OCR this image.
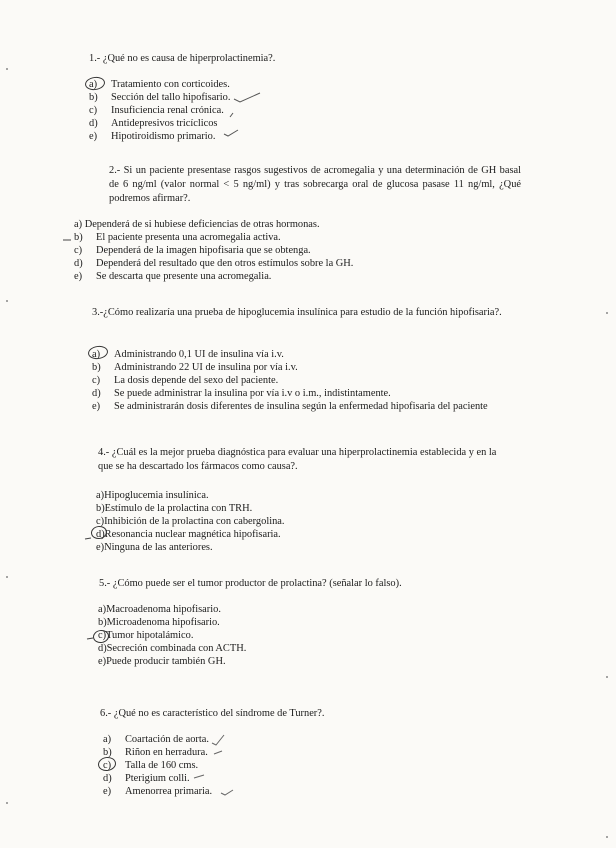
1.- ¿Qué no es causa de hiperprolactinemia?.

a)	Tratamiento con corticoides.
b)	Sección del tallo hipofisario.
c)	Insuficiencia renal crónica.
d)	Antidepresivos tricíclicos
e)	Hipotiroidismo primario.

2.- Si un paciente presentase rasgos sugestivos de acromegalia y una determinación de GH basal de 6 ng/ml (valor normal < 5 ng/ml) y tras sobrecarga oral de glucosa pasase 11 ng/ml, ¿Qué podremos afirmar?.

a)
Dependerá de si hubiese deficiencias de otras hormonas.
b)	El paciente presenta una acromegalia activa.
c)	Dependerá de la imagen hipofisaria que se obtenga.
d)	Dependerá del resultado que den otros estímulos sobre la GH.
e)	Se descarta que presente una acromegalia.

3.-¿Cómo realizaría una prueba de hipoglucemia insulínica para estudio de la función hipofisaria?.

a)	Administrando 0,1 UI de insulina vía i.v.
b)	Administrando 22 UI de insulina por vía i.v.
c)	La dosis depende del sexo del paciente.
d)	Se puede administrar la insulina por vía i.v o i.m., indistintamente.
e)	Se administrarán dosis diferentes de insulina según la enfermedad hipofisaria del paciente

4.- ¿Cuál es la mejor prueba diagnóstica para evaluar una hiperprolactinemia establecida y en la que se ha descartado los fármacos como causa?.

a) Hipoglucemia insulínica.
b) Estímulo de la prolactina con TRH.
c) Inhibición de la prolactina con cabergolina.
d) Resonancia nuclear magnética hipofisaria.
e) Ninguna de las anteriores.

5.- ¿Cómo puede ser el tumor productor de prolactina? (señalar lo falso).

a) Macroadenoma hipofisario.
b) Microadenoma hipofisario.
c) Tumor hipotalámico.
d) Secreción combinada con ACTH.
e) Puede producir también GH.

6.- ¿Qué no es característico del síndrome de Turner?.

a)	Coartación de aorta.
b)	Riñon en herradura.
c)	Talla de 160 cms.
d)	Pterigium colli.
e)	Amenorrea primaria.
